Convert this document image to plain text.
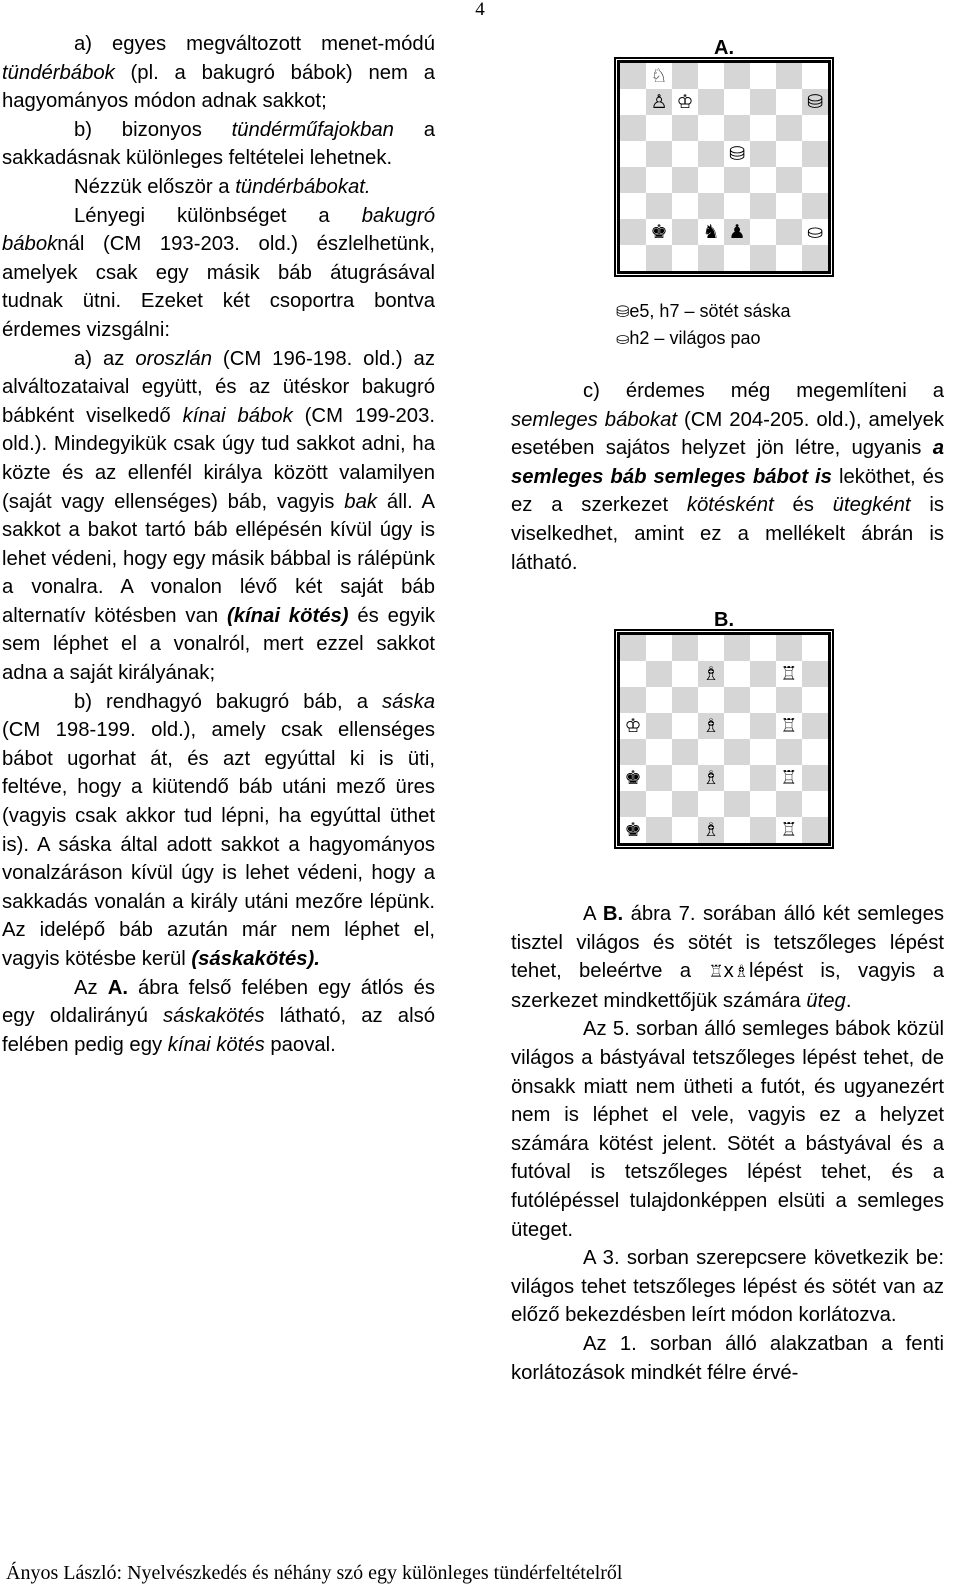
4

a) egyes megváltozott menet-módú tündérbábok (pl. a bakugró bábok) nem a hagyományos módon adnak sakkot;

b) bizonyos tündérműfajokban a sakkadásnak különleges feltételei lehetnek.

Nézzük először a tündérbábokat.

Lényegi különbséget a bakugró báboknál (CM 193-203. old.) észlelhetünk, amelyek csak egy másik báb átugrásával tudnak ütni. Ezeket két csoportra bontva érdemes vizsgálni:

a) az oroszlán (CM 196-198. old.) az alváltozataival együtt, és az ütéskor bakugró bábként viselkedő kínai bábok (CM 199-203. old.). Mindegyikük csak úgy tud sakkot adni, ha közte és az ellenfél királya között valamilyen (saját vagy ellenséges) báb, vagyis bak áll. A sakkot a bakot tartó báb ellépésén kívül úgy is lehet védeni, hogy egy másik bábbal is rálépünk a vonalra. A vonalon lévő két saját báb alternatív kötésben van (kínai kötés) és egyik sem léphet el a vonalról, mert ezzel sakkot adna a saját királyának;

b) rendhagyó bakugró báb, a sáska (CM 198-199. old.), amely csak ellenséges bábot ugorhat át, és azt egyúttal ki is üti, feltéve, hogy a kiütendő báb utáni mező üres (vagyis csak akkor tud lépni, ha egyúttal üthet is). A sáska által adott sakkot a hagyományos vonalzáráson kívül úgy is lehet védeni, hogy a sakkadás vonalán a király utáni mezőre lépünk. Az idelépő báb azután már nem léphet el, vagyis kötésbe kerül (sáskakötés).

Az A. ábra felső felében egy átlós és egy oldalirányú sáskakötés látható, az alsó felében pedig egy kínai kötés paoval.

A.
♘
♙ ♔	⛁
⛁
♚ ♞ ♟	⛀
⛁e5, h7 – sötét sáska
⛀h2 – világos pao

c) érdemes még megemlíteni a semleges bábokat (CM 204-205. old.), amelyek esetében sajátos helyzet jön létre, ugyanis a semleges báb semleges bábot is leköthet, és ez a szerkezet kötésként és ütegként is viselkedhet, amint ez a mellékelt ábrán is látható.

B.
♗	♖
♔	♗	♖
♚	♗	♖
♚	♗	♖

A B. ábra 7. sorában álló két semleges tisztel világos és sötét is tetszőleges lépést tehet, beleértve a ♖x♗lépést is, vagyis a szerkezet mindkettőjük számára üteg.

Az 5. sorban álló semleges bábok közül világos a bástyával tetszőleges lépést tehet, de önsakk miatt nem ütheti a futót, és ugyanezért nem is léphet el vele, vagyis ez a helyzet számára kötést jelent. Sötét a bástyával és a futóval is tetszőleges lépést tehet, és a futólépéssel tulajdonképpen elsüti a semleges üteget.

A 3. sorban szerepcsere következik be: világos tehet tetszőleges lépést és sötét van az előző bekezdésben leírt módon korlátozva.

Az 1. sorban álló alakzatban a fenti korlátozások mindkét félre érvé-

Ányos László: Nyelvészkedés és néhány szó egy különleges tündérfeltételről
